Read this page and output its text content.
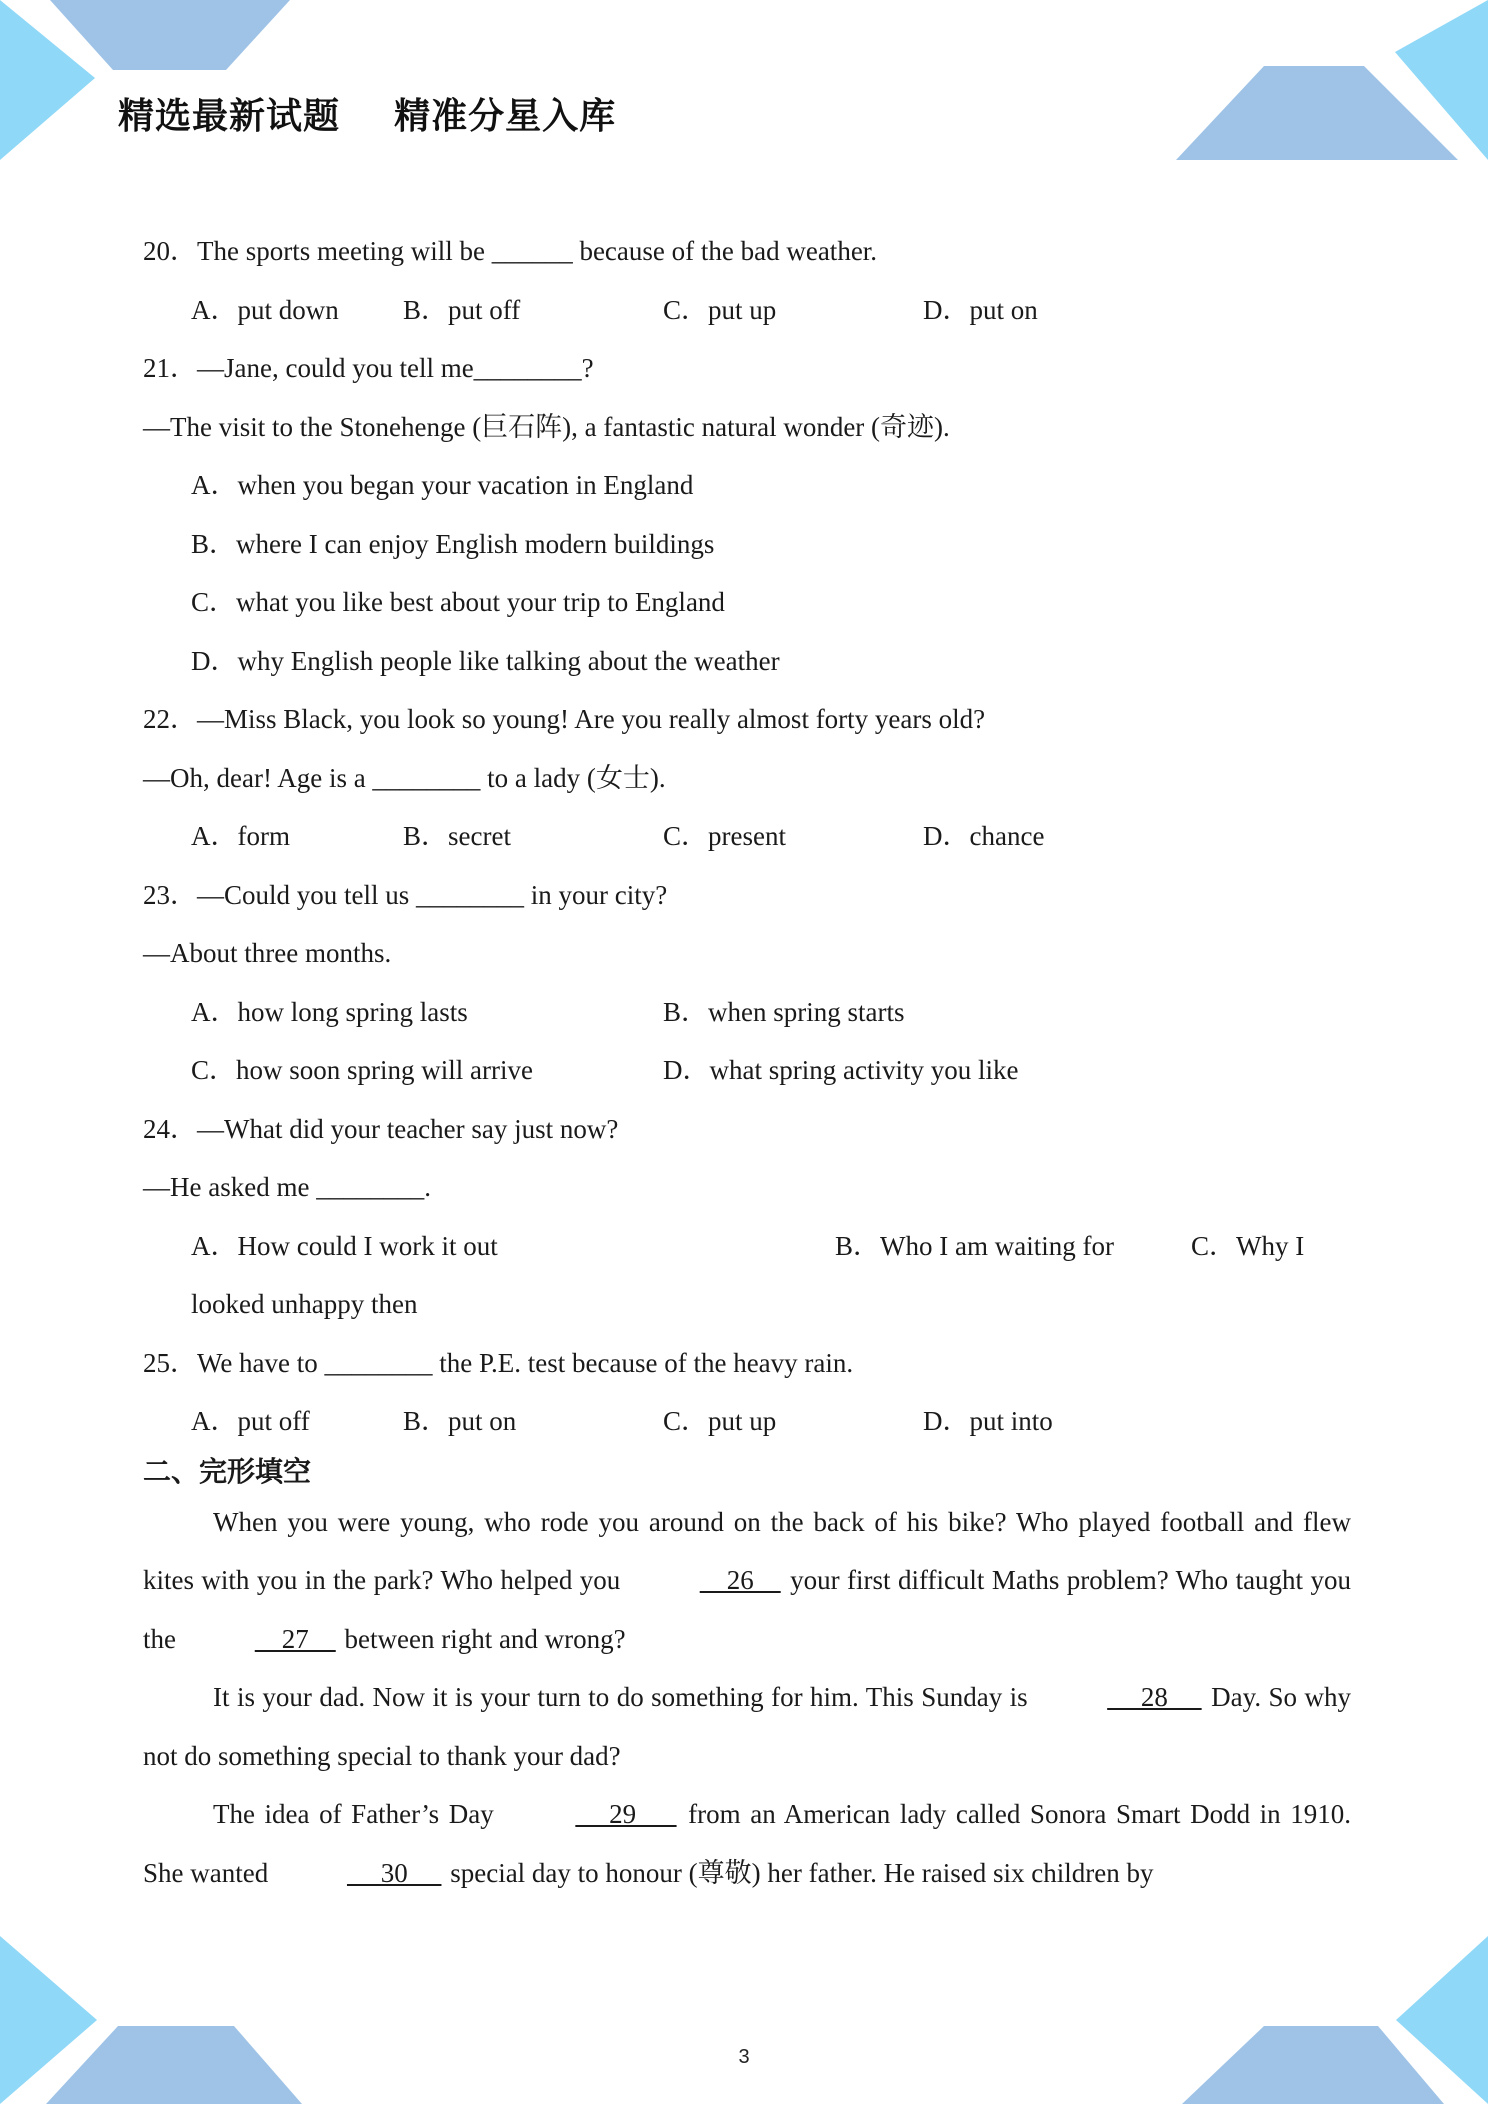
精选最新试题    精准分星入库
20．The sports meeting will be ______ because of the bad weather.
A．put down B．put off	C．put up	D．put on
21．—Jane, could you tell me________?
—The visit to the Stonehenge (巨石阵), a fantastic natural wonder (奇迹).
A．when you began your vacation in England
B．where I can enjoy English modern buildings
C．what you like best about your trip to England
D．why English people like talking about the weather
22．—Miss Black, you look so young! Are you really almost forty years old?
—Oh, dear! Age is a ________ to a lady (女士).
A．form	B．secret	C．present	D．chance
23．—Could you tell us ________ in your city?
—About three months.
A．how long spring lasts	B．when spring starts
C．how soon spring will arrive	D．what spring activity you like
24．—What did your teacher say just now?
—He asked me ________.
A．How could I work it out	B．Who I am waiting for	C．Why I
looked unhappy then
25．We have to ________ the P.E. test because of the heavy rain.
A．put off	B．put on	C．put up	D．put into
二、完形填空
When you were young, who rode you around on the back of his bike? Who played football and flew kites with you in the park? Who helped you	26     your first difficult Maths problem? Who taught you the	27     between right and wrong?
It is your dad. Now it is your turn to do something for him. This Sunday is	28      Day. So why not do something special to thank your dad?
The idea of Father’s Day	29       from an American lady called Sonora Smart Dodd in 1910. She wanted	30      special day to honour (尊敬) her father. He raised six children by
3
